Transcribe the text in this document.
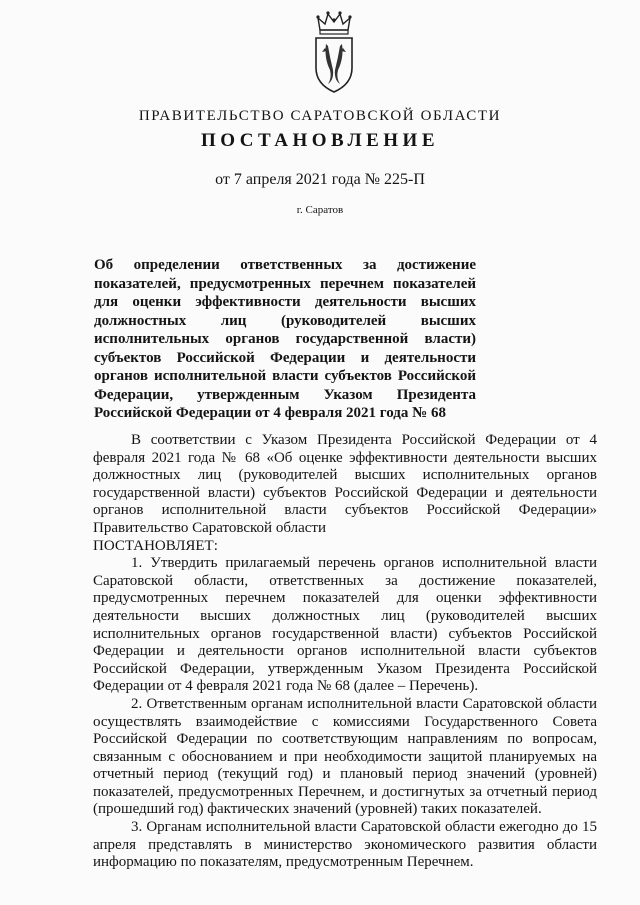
ПРАВИТЕЛЬСТВО САРАТОВСКОЙ ОБЛАСТИ
ПОСТАНОВЛЕНИЕ
от 7 апреля 2021 года № 225-П
г. Саратов
Об определении ответственных за достижение показателей, предусмотренных перечнем показателей для оценки эффективности деятельности высших должностных лиц (руководителей высших исполнительных органов государственной власти) субъектов Российской Федерации и деятельности органов исполнительной власти субъектов Российской Федерации, утвержденным Указом Президента Российской Федерации от 4 февраля 2021 года № 68

В соответствии с Указом Президента Российской Федерации от 4 февраля 2021 года № 68 «Об оценке эффективности деятельности высших должностных лиц (руководителей высших исполнительных органов государственной власти) субъектов Российской Федерации и деятельности органов исполнительной власти субъектов Российской Федерации» Правительство Саратовской области

ПОСТАНОВЛЯЕТ:

1. Утвердить прилагаемый перечень органов исполнительной власти Саратовской области, ответственных за достижение показателей, предусмотренных перечнем показателей для оценки эффективности деятельности высших должностных лиц (руководителей высших исполнительных органов государственной власти) субъектов Российской Федерации и деятельности органов исполнительной власти субъектов Российской Федерации, утвержденным Указом Президента Российской Федерации от 4 февраля 2021 года № 68 (далее – Перечень).

2. Ответственным органам исполнительной власти Саратовской области осуществлять взаимодействие с комиссиями Государственного Совета Российской Федерации по соответствующим направлениям по вопросам, связанным с обоснованием и при необходимости защитой планируемых на отчетный период (текущий год) и плановый период значений (уровней) показателей, предусмотренных Перечнем, и достигнутых за отчетный период (прошедший год) фактических значений (уровней) таких показателей.

3. Органам исполнительной власти Саратовской области ежегодно до 15 апреля представлять в министерство экономического развития области информацию по показателям, предусмотренным Перечнем.
